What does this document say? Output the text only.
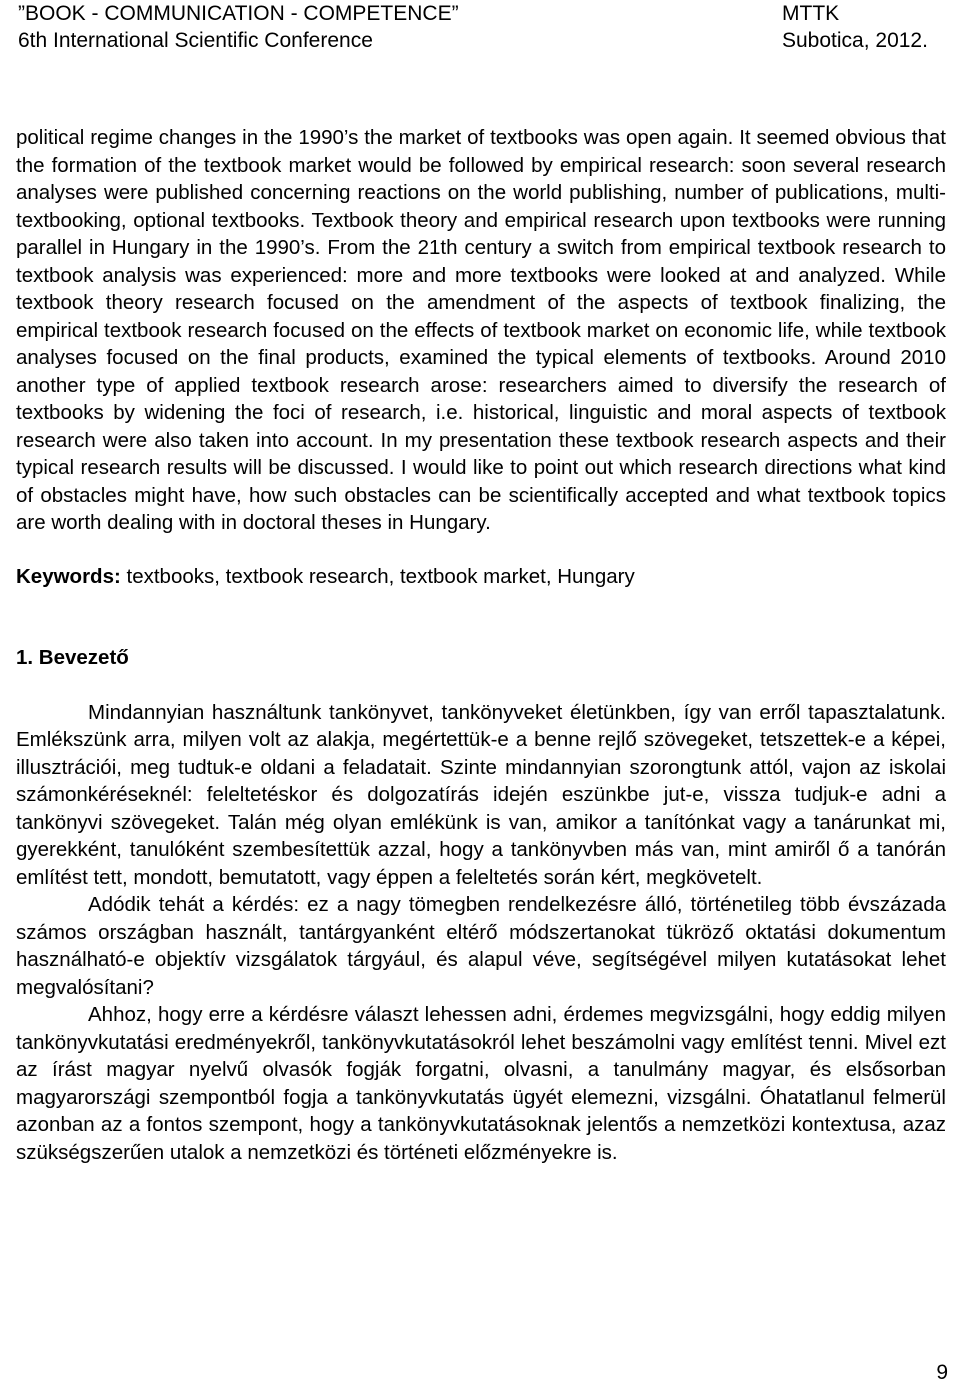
”BOOK - COMMUNICATION - COMPETENCE”	MTTK
6th International Scientific Conference	Subotica, 2012.

political regime changes in the 1990’s the market of textbooks was open again. It seemed obvious that the formation of the textbook market would be followed by empirical research: soon several research analyses were published concerning reactions on the world publishing, number of publications, multi-textbooking, optional textbooks. Textbook theory and empirical research upon textbooks were running parallel in Hungary in the 1990’s. From the 21th century a switch from empirical textbook research to textbook analysis was experienced: more and more textbooks were looked at and analyzed. While textbook theory research focused on the amendment of the aspects of textbook finalizing, the empirical textbook research focused on the effects of textbook market on economic life, while textbook analyses focused on the final products, examined the typical elements of textbooks. Around 2010 another type of applied textbook research arose: researchers aimed to diversify the research of textbooks by widening the foci of research, i.e. historical, linguistic and moral aspects of textbook research were also taken into account. In my presentation these textbook research aspects and their typical research results will be discussed. I would like to point out which research directions what kind of obstacles might have, how such obstacles can be scientifically accepted and what textbook topics are worth dealing with in doctoral theses in Hungary.

Keywords: textbooks, textbook research, textbook market, Hungary

1. Bevezető

Mindannyian használtunk tankönyvet, tankönyveket életünkben, így van erről tapasztalatunk. Emlékszünk arra, milyen volt az alakja, megértettük-e a benne rejlő szövegeket, tetszettek-e a képei, illusztrációi, meg tudtuk-e oldani a feladatait. Szinte mindannyian szorongtunk attól, vajon az iskolai számonkéréseknél: feleltetéskor és dolgozatírás idején eszünkbe jut-e, vissza tudjuk-e adni a tankönyvi szövegeket. Talán még olyan emlékünk is van, amikor a tanítónkat vagy a tanárunkat mi, gyerekként, tanulóként szembesítettük azzal, hogy a tankönyvben más van, mint amiről ő a tanórán említést tett, mondott, bemutatott, vagy éppen a feleltetés során kért, megkövetelt.

Adódik tehát a kérdés: ez a nagy tömegben rendelkezésre álló, történetileg több évszázada számos országban használt, tantárgyanként eltérő módszertanokat tükröző oktatási dokumentum használható-e objektív vizsgálatok tárgyául, és alapul véve, segítségével milyen kutatásokat lehet megvalósítani?

Ahhoz, hogy erre a kérdésre választ lehessen adni, érdemes megvizsgálni, hogy eddig milyen tankönyvkutatási eredményekről, tankönyvkutatásokról lehet beszámolni vagy említést tenni. Mivel ezt az írást magyar nyelvű olvasók fogják forgatni, olvasni, a tanulmány magyar, és elsősorban magyarországi szempontból fogja a tankönyvkutatás ügyét elemezni, vizsgálni. Óhatatlanul felmerül azonban az a fontos szempont, hogy a tankönyvkutatásoknak jelentős a nemzetközi kontextusa, azaz szükségszerűen utalok a nemzetközi és történeti előzményekre is.

9
